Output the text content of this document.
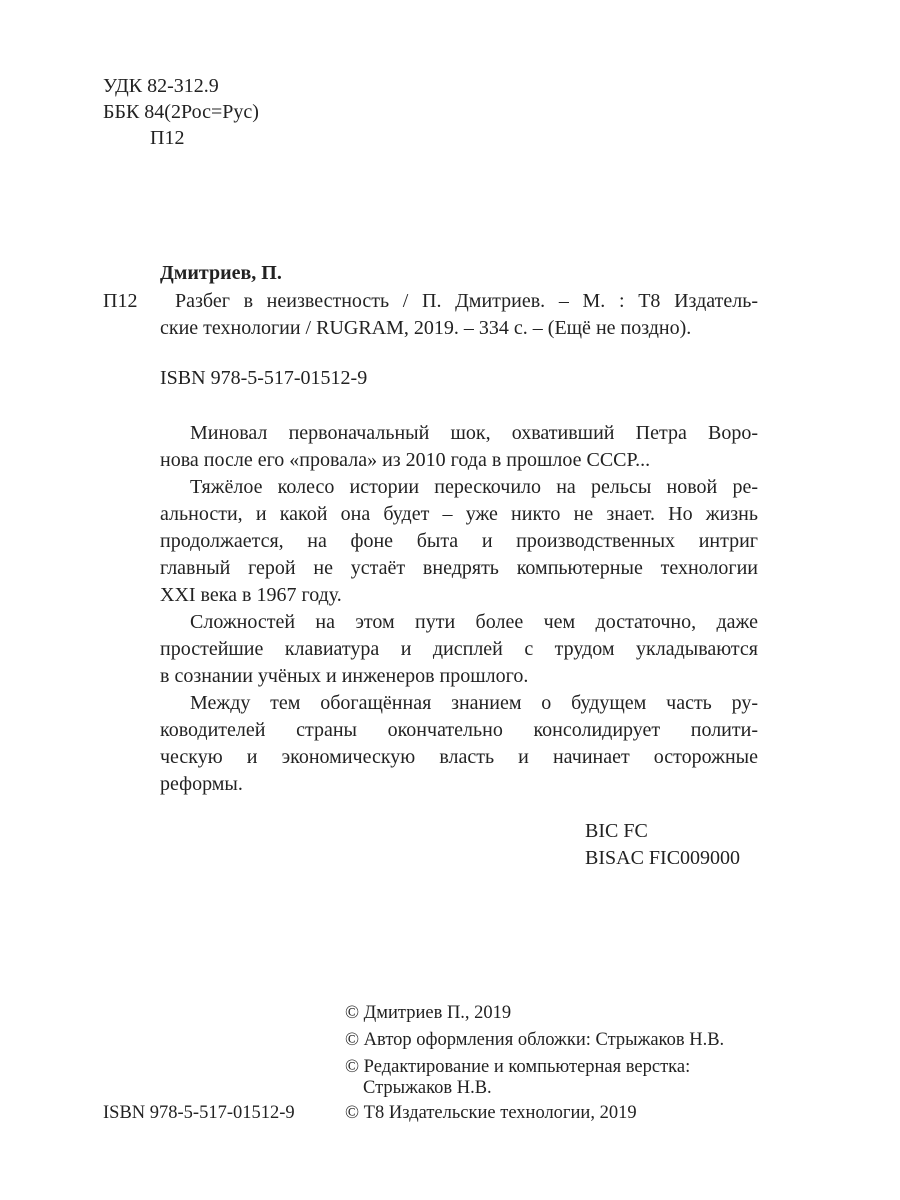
УДК 82-312.9
ББК 84(2Рос=Рус)
П12
Дмитриев, П.
П12 Разбег в неизвестность / П. Дмитриев. – М. : Т8 Издатель-
ские технологии / RUGRAM, 2019. – 334 с. – (Ещё не поздно).
ISBN 978-5-517-01512-9
Миновал первоначальный шок, охвативший Петра Воро-
нова после его «провала» из 2010 года в прошлое СССР...
Тяжёлое колесо истории перескочило на рельсы новой ре-
альности, и какой она будет – уже никто не знает. Но жизнь
продолжается, на фоне быта и производственных интриг
главный герой не устаёт внедрять компьютерные технологии
XXI века в 1967 году.
Сложностей на этом пути более чем достаточно, даже
простейшие клавиатура и дисплей с трудом укладываются
в сознании учёных и инженеров прошлого.
Между тем обогащённая знанием о будущем часть ру-
ководителей страны окончательно консолидирует полити-
ческую и экономическую власть и начинает осторожные
реформы.
BIC FC
BISAC FIC009000
© Дмитриев П., 2019
© Автор оформления обложки: Стрыжаков Н.В.
© Редактирование и компьютерная верстка:
Стрыжаков Н.В.
ISBN 978-5-517-01512-9	© Т8 Издательские технологии, 2019
